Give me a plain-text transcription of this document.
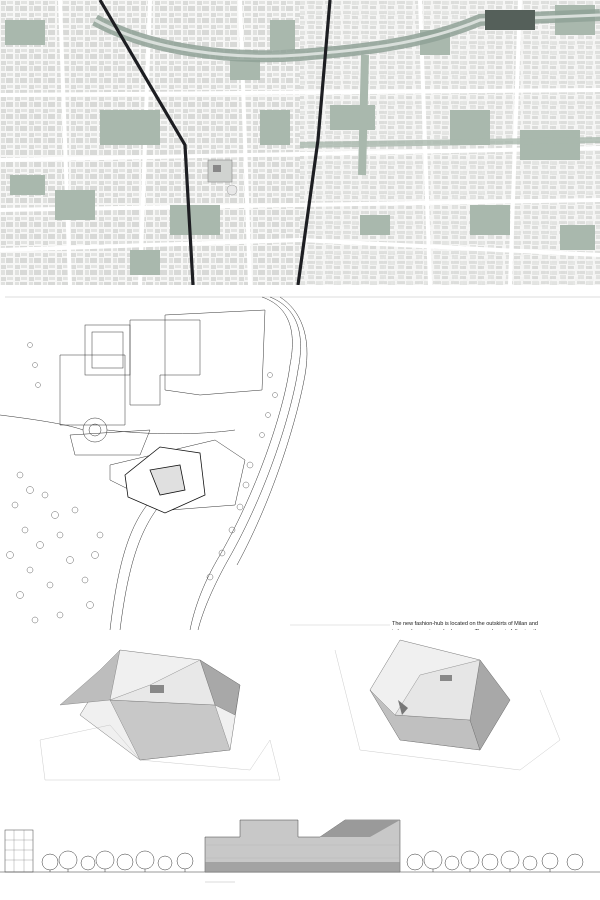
The new fashion-hub is located on the outskirts of Milan and
